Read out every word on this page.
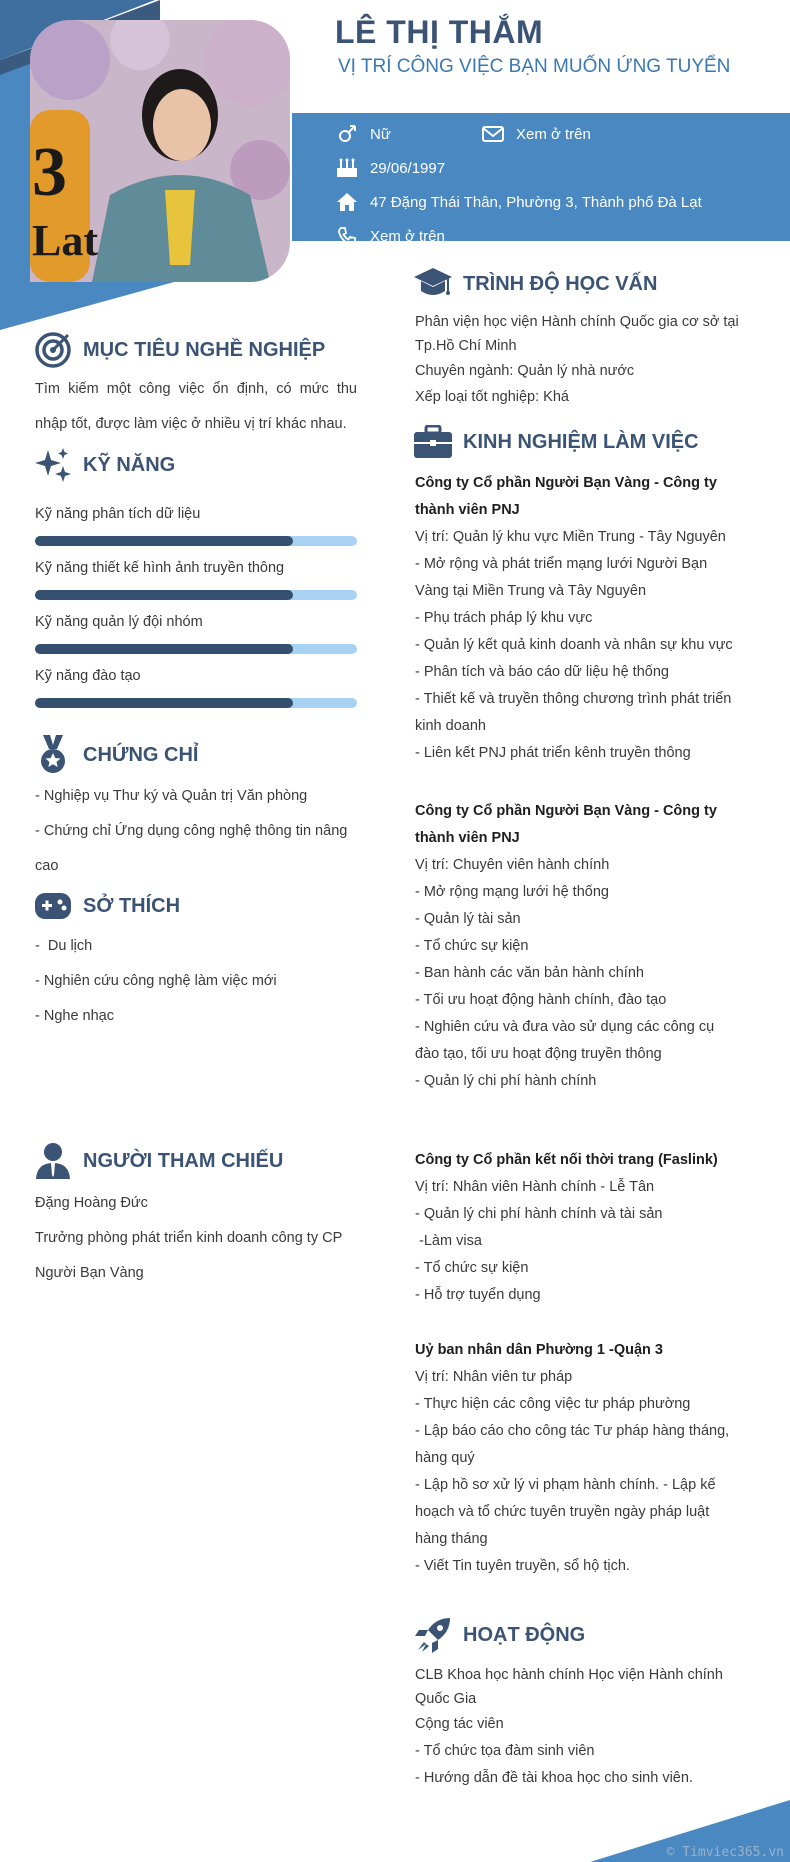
3
Lat
LÊ THỊ THẮM
VỊ TRÍ CÔNG VIỆC BẠN MUỐN ỨNG TUYỂN
Nữ	Xem ở trên
29/06/1997
47 Đặng Thái Thân, Phường 3, Thành phố Đà Lạt
Xem ở trên
MỤC TIÊU NGHỀ NGHIỆP
Tìm kiếm một công việc ổn định, có mức thu
nhập tốt, được làm việc ở nhiều vị trí khác nhau.
KỸ NĂNG
Kỹ năng phân tích dữ liệu
Kỹ năng thiết kế hình ảnh truyền thông
Kỹ năng quản lý đội nhóm
Kỹ năng đào tạo
CHỨNG CHỈ
- Nghiệp vụ Thư ký và Quản trị Văn phòng
- Chứng chỉ Ứng dụng công nghệ thông tin nâng
cao
SỞ THÍCH
-  Du lịch
- Nghiên cứu công nghệ làm việc mới
- Nghe nhạc
NGƯỜI THAM CHIẾU
Đặng Hoàng Đức
Trưởng phòng phát triển kinh doanh công ty CP
Người Bạn Vàng
TRÌNH ĐỘ HỌC VẤN
Phân viện học viện Hành chính Quốc gia cơ sở tại
Tp.Hồ Chí Minh
Chuyên ngành: Quản lý nhà nước
Xếp loại tốt nghiệp: Khá
KINH NGHIỆM LÀM VIỆC
Công ty Cổ phần Người Bạn Vàng - Công ty
thành viên PNJ
Vị trí: Quản lý khu vực Miền Trung - Tây Nguyên
- Mở rộng và phát triển mạng lưới Người Bạn
Vàng tại Miền Trung và Tây Nguyên
- Phụ trách pháp lý khu vực
- Quản lý kết quả kinh doanh và nhân sự khu vực
- Phân tích và báo cáo dữ liệu hệ thống
- Thiết kế và truyền thông chương trình phát triển
kinh doanh
- Liên kết PNJ phát triển kênh truyền thông
Công ty Cổ phần Người Bạn Vàng - Công ty
thành viên PNJ
Vị trí: Chuyên viên hành chính
- Mở rộng mạng lưới hệ thống
- Quản lý tài sản
- Tổ chức sự kiện
- Ban hành các văn bản hành chính
- Tối ưu hoạt động hành chính, đào tạo
- Nghiên cứu và đưa vào sử dụng các công cụ
đào tạo, tối ưu hoạt động truyền thông
- Quản lý chi phí hành chính
Công ty Cổ phần kết nối thời trang (Faslink)
Vị trí: Nhân viên Hành chính - Lễ Tân
- Quản lý chi phí hành chính và tài sản
-Làm visa
- Tổ chức sự kiện
- Hỗ trợ tuyển dụng
Uỷ ban nhân dân Phường 1 -Quận 3
Vị trí: Nhân viên tư pháp
- Thực hiện các công việc tư pháp phường
- Lập báo cáo cho công tác Tư pháp hàng tháng,
hàng quý
- Lập hồ sơ xử lý vi phạm hành chính. - Lập kế
hoạch và tổ chức tuyên truyền ngày pháp luật
hàng tháng
- Viết Tin tuyên truyền, sổ hộ tịch.
HOẠT ĐỘNG
CLB Khoa học hành chính Học viện Hành chính
Quốc Gia
Cộng tác viên
- Tổ chức tọa đàm sinh viên
- Hướng dẫn đề tài khoa học cho sinh viên.
© Timviec365.vn
